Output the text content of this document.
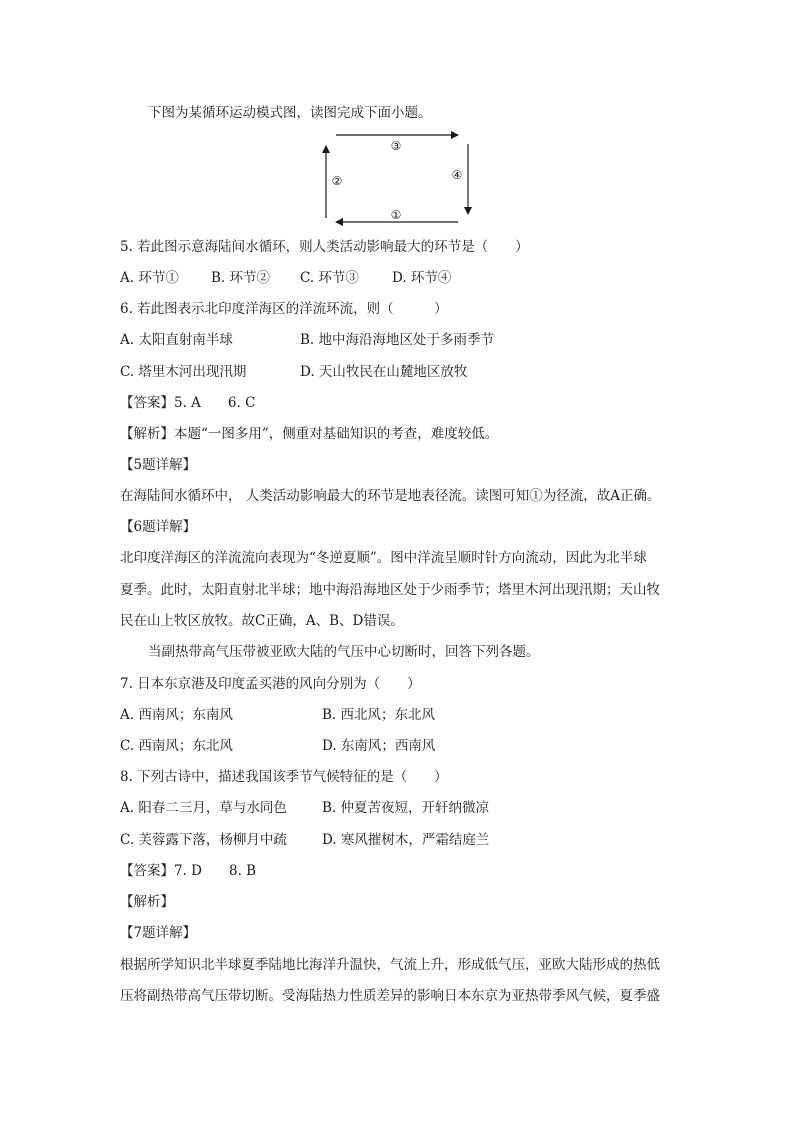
下图为某循环运动模式图，读图完成下面小题。
③
②	④
①
5. 若此图示意海陆间水循环，则人类活动影响最大的环节是（　　）
A. 环节① B. 环节② C. 环节③ D. 环节④
6. 若此图表示北印度洋海区的洋流环流，则（　　　）
A. 太阳直射南半球	B. 地中海沿海地区处于多雨季节
C. 塔里木河出现汛期	D. 天山牧民在山麓地区放牧
【答案】5. A　　6. C
【解析】本题“一图多用”，侧重对基础知识的考查，难度较低。
【5题详解】
在海陆间水循环中， 人类活动影响最大的环节是地表径流。读图可知①为径流，故A正确。
【6题详解】
北印度洋海区的洋流流向表现为“冬逆夏顺”。图中洋流呈顺时针方向流动，因此为北半球
夏季。此时，太阳直射北半球；地中海沿海地区处于少雨季节；塔里木河出现汛期；天山牧
民在山上牧区放牧。故C正确，A、B、D错误。
当副热带高气压带被亚欧大陆的气压中心切断时，回答下列各题。
7. 日本东京港及印度孟买港的风向分别为（　　）
A. 西南风；东南风	B. 西北风；东北风
C. 西南风；东北风	D. 东南风；西南风
8. 下列古诗中，描述我国该季节气候特征的是（　　）
A. 阳春二三月，草与水同色	B. 仲夏苦夜短，开轩纳微凉
C. 芙蓉露下落，杨柳月中疏	D. 寒风摧树木，严霜结庭兰
【答案】7. D　　8. B
【解析】
【7题详解】
根据所学知识北半球夏季陆地比海洋升温快，气流上升，形成低气压，亚欧大陆形成的热低
压将副热带高气压带切断。受海陆热力性质差异的影响日本东京为亚热带季风气候，夏季盛
